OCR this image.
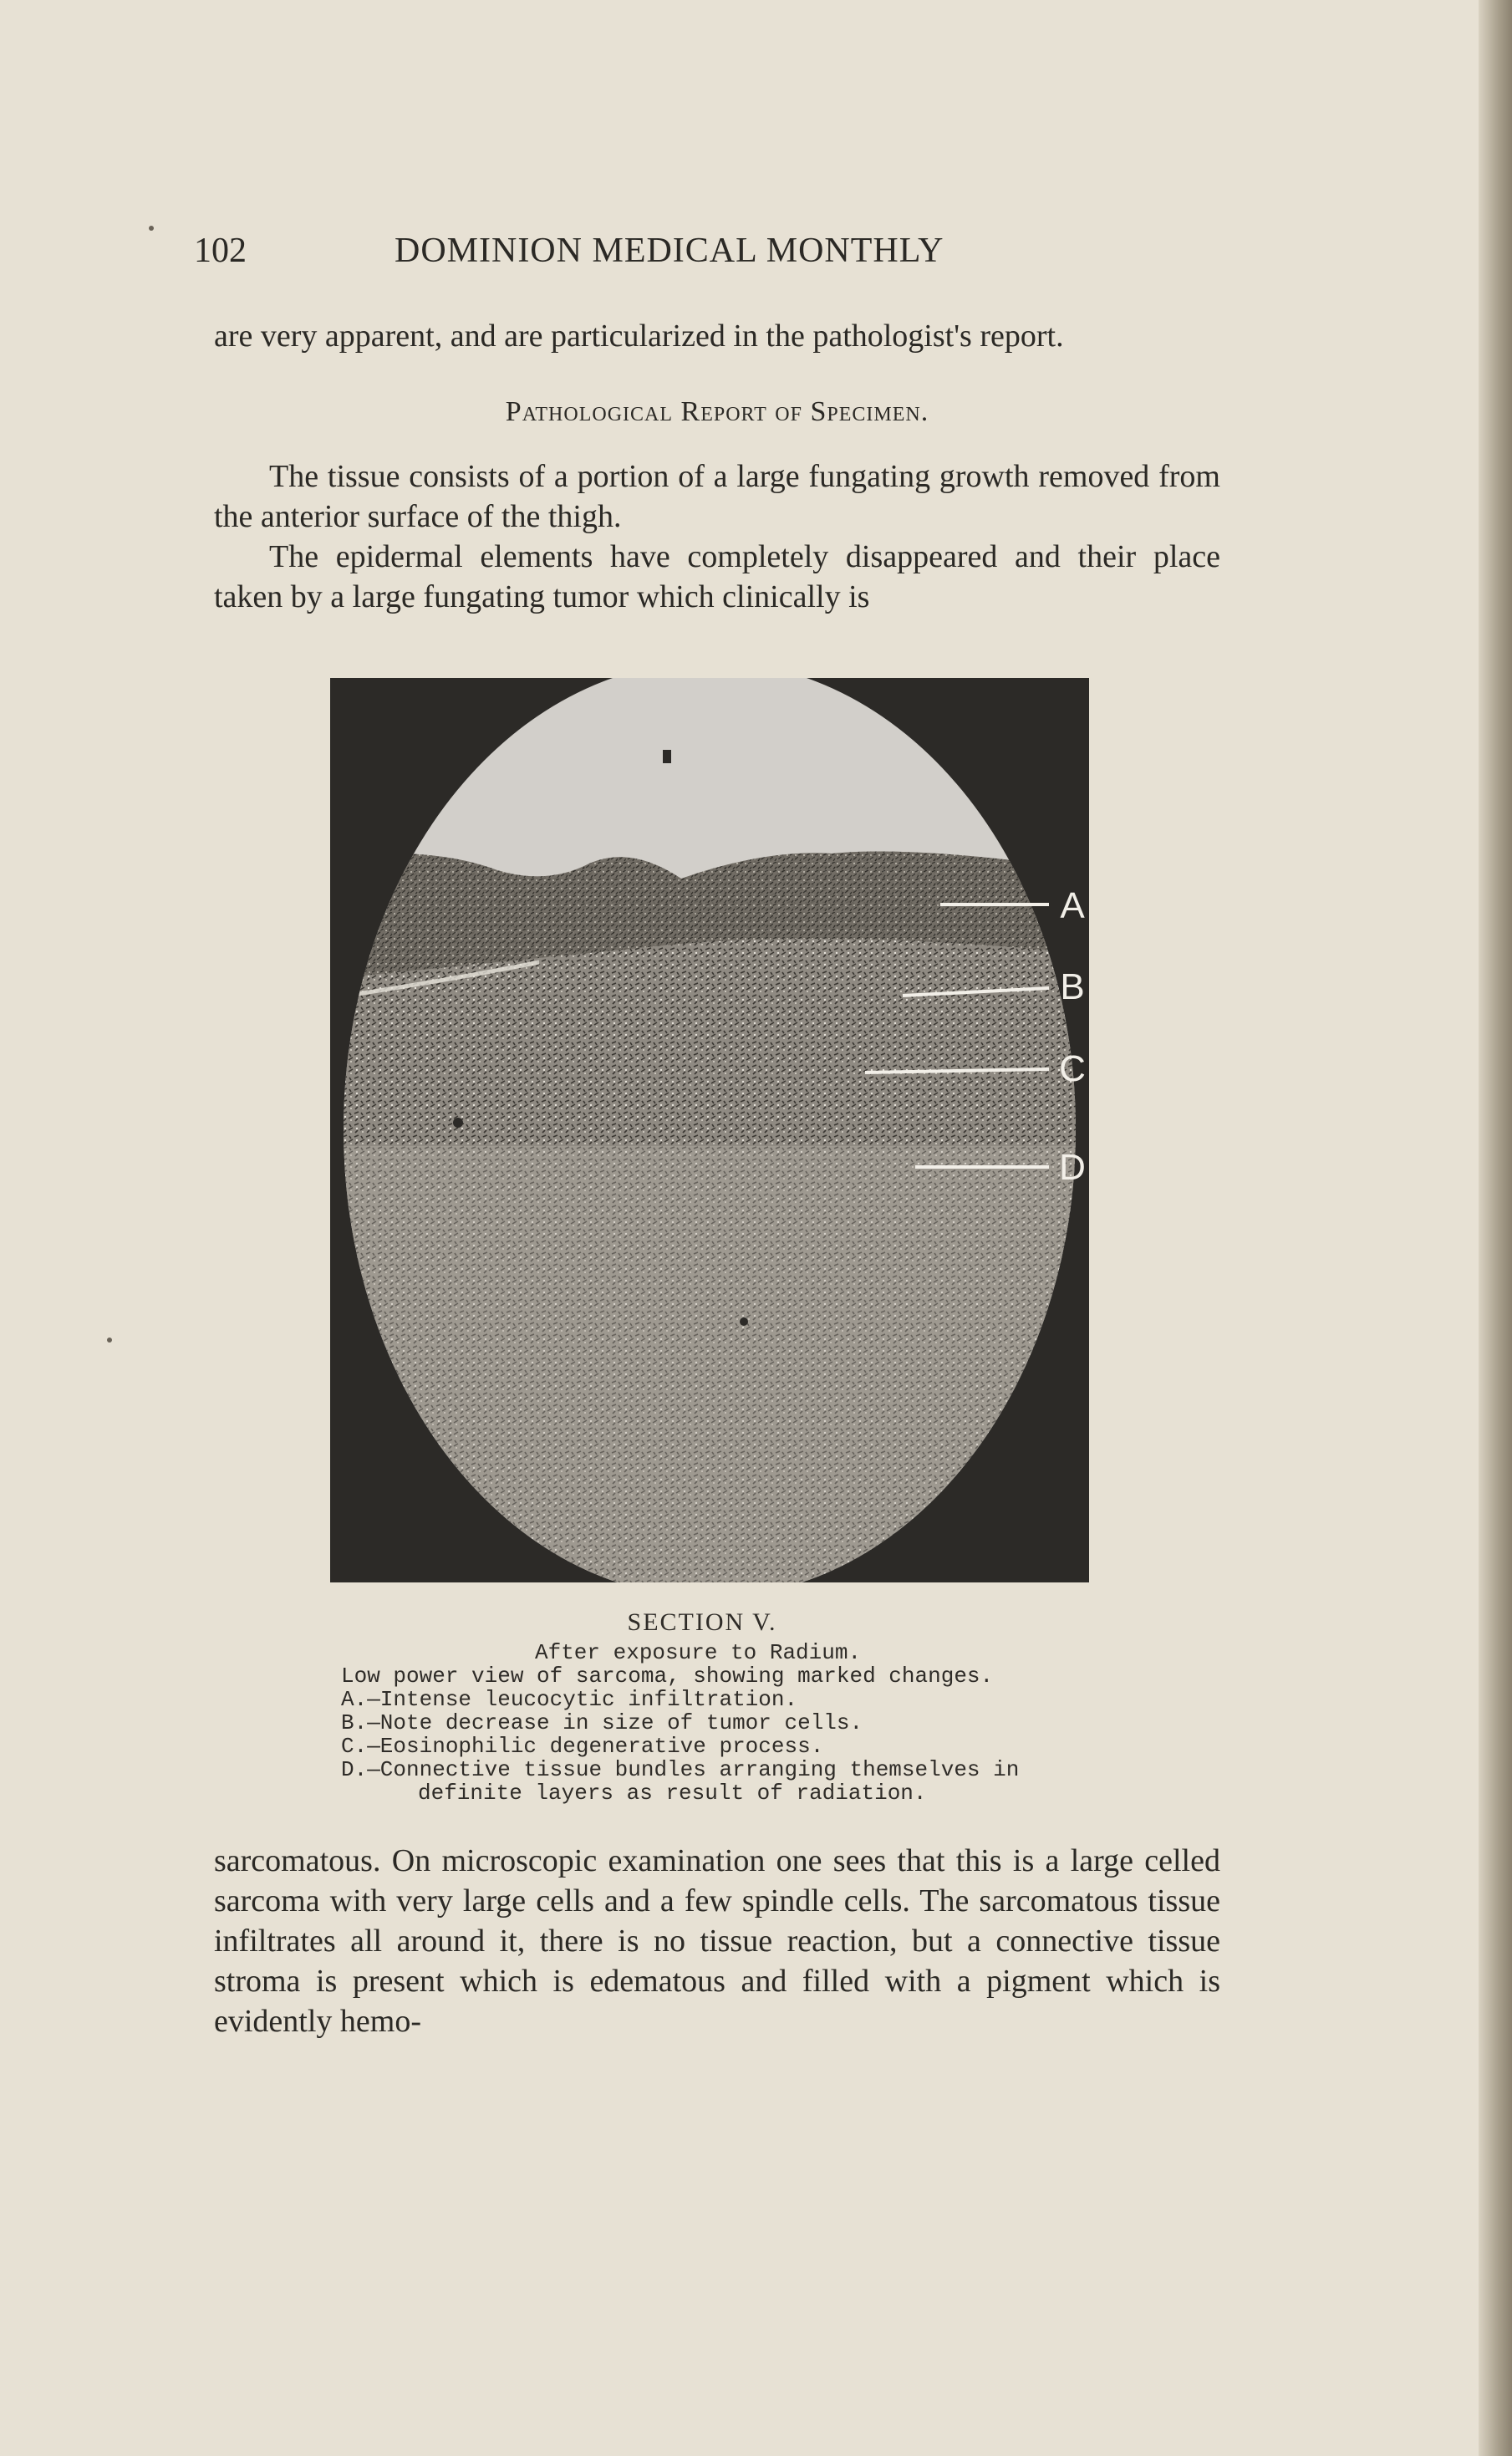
102	DOMINION MEDICAL MONTHLY

are very apparent, and are particularized in the pathologist's report.

Pathological Report of Specimen.

The tissue consists of a portion of a large fungating growth removed from the anterior surface of the thigh.

The epidermal elements have completely disappeared and their place taken by a large fungating tumor which clinically is

A
B
C
D
SECTION V.
After exposure to Radium.
Low power view of sarcoma, showing marked changes.
A.—Intense leucocytic infiltration.
B.—Note decrease in size of tumor cells.
C.—Eosinophilic degenerative process.
D.—Connective tissue bundles arranging themselves in
definite layers as result of radiation.

sarcomatous. On microscopic examination one sees that this is a large celled sarcoma with very large cells and a few spindle cells. The sarcomatous tissue infiltrates all around it, there is no tissue reaction, but a connective tissue stroma is present which is edematous and filled with a pigment which is evidently hemo-
